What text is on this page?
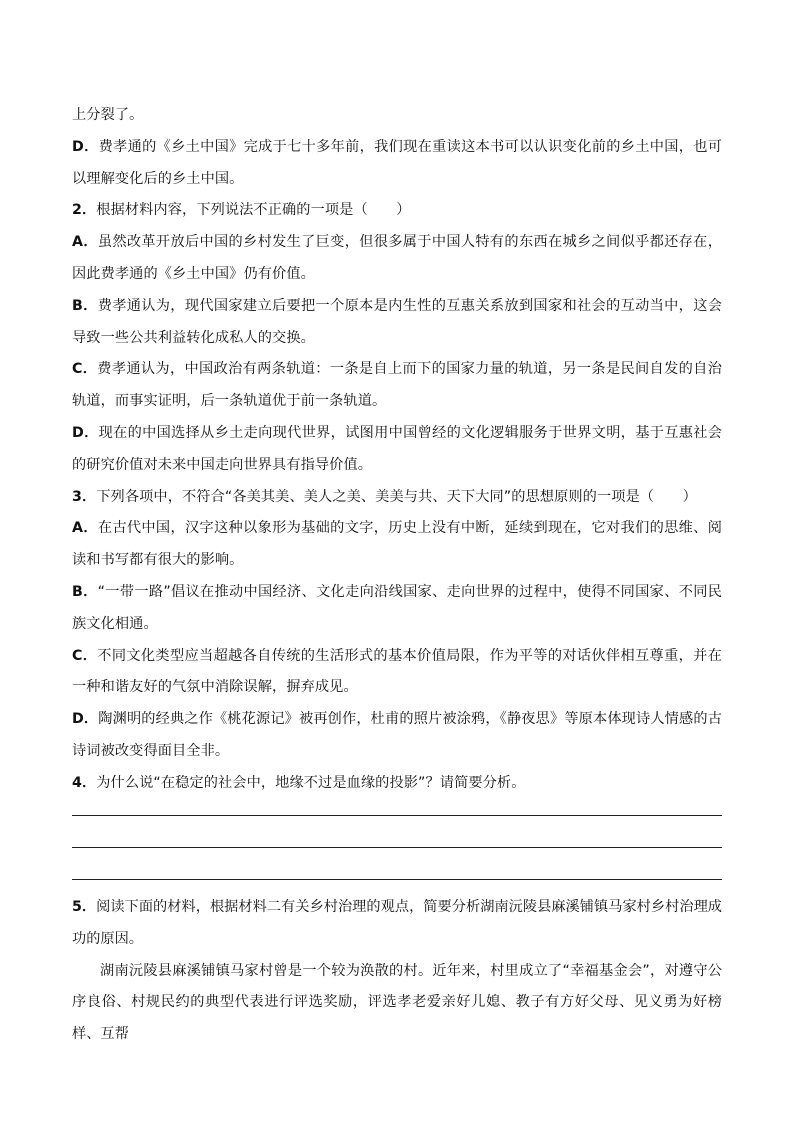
上分裂了。

D．费孝通的《乡土中国》完成于七十多年前，我们现在重读这本书可以认识变化前的乡土中国，也可以理解变化后的乡土中国。

2．根据材料内容，下列说法不正确的一项是（　　）

A．虽然改革开放后中国的乡村发生了巨变，但很多属于中国人特有的东西在城乡之间似乎都还存在，因此费孝通的《乡土中国》仍有价值。

B．费孝通认为，现代国家建立后要把一个原本是内生性的互惠关系放到国家和社会的互动当中，这会导致一些公共利益转化成私人的交换。

C．费孝通认为，中国政治有两条轨道：一条是自上而下的国家力量的轨道，另一条是民间自发的自治轨道，而事实证明，后一条轨道优于前一条轨道。

D．现在的中国选择从乡土走向现代世界，试图用中国曾经的文化逻辑服务于世界文明，基于互惠社会的研究价值对未来中国走向世界具有指导价值。

3．下列各项中，不符合“各美其美、美人之美、美美与共、天下大同”的思想原则的一项是（　　）

A．在古代中国，汉字这种以象形为基础的文字，历史上没有中断，延续到现在，它对我们的思维、阅读和书写都有很大的影响。

B．“一带一路”倡议在推动中国经济、文化走向沿线国家、走向世界的过程中，使得不同国家、不同民族文化相通。

C．不同文化类型应当超越各自传统的生活形式的基本价值局限，作为平等的对话伙伴相互尊重，并在一种和谐友好的气氛中消除误解，摒弃成见。

D．陶渊明的经典之作《桃花源记》被再创作，杜甫的照片被涂鸦，《静夜思》等原本体现诗人情感的古诗词被改变得面目全非。

4．为什么说“在稳定的社会中，地缘不过是血缘的投影”？请简要分析。

5．阅读下面的材料，根据材料二有关乡村治理的观点，简要分析湖南沅陵县麻溪铺镇马家村乡村治理成功的原因。

湖南沅陵县麻溪铺镇马家村曾是一个较为涣散的村。近年来，村里成立了“幸福基金会”，对遵守公序良俗、村规民约的典型代表进行评选奖励，评选孝老爱亲好儿媳、教子有方好父母、见义勇为好榜样、互帮
